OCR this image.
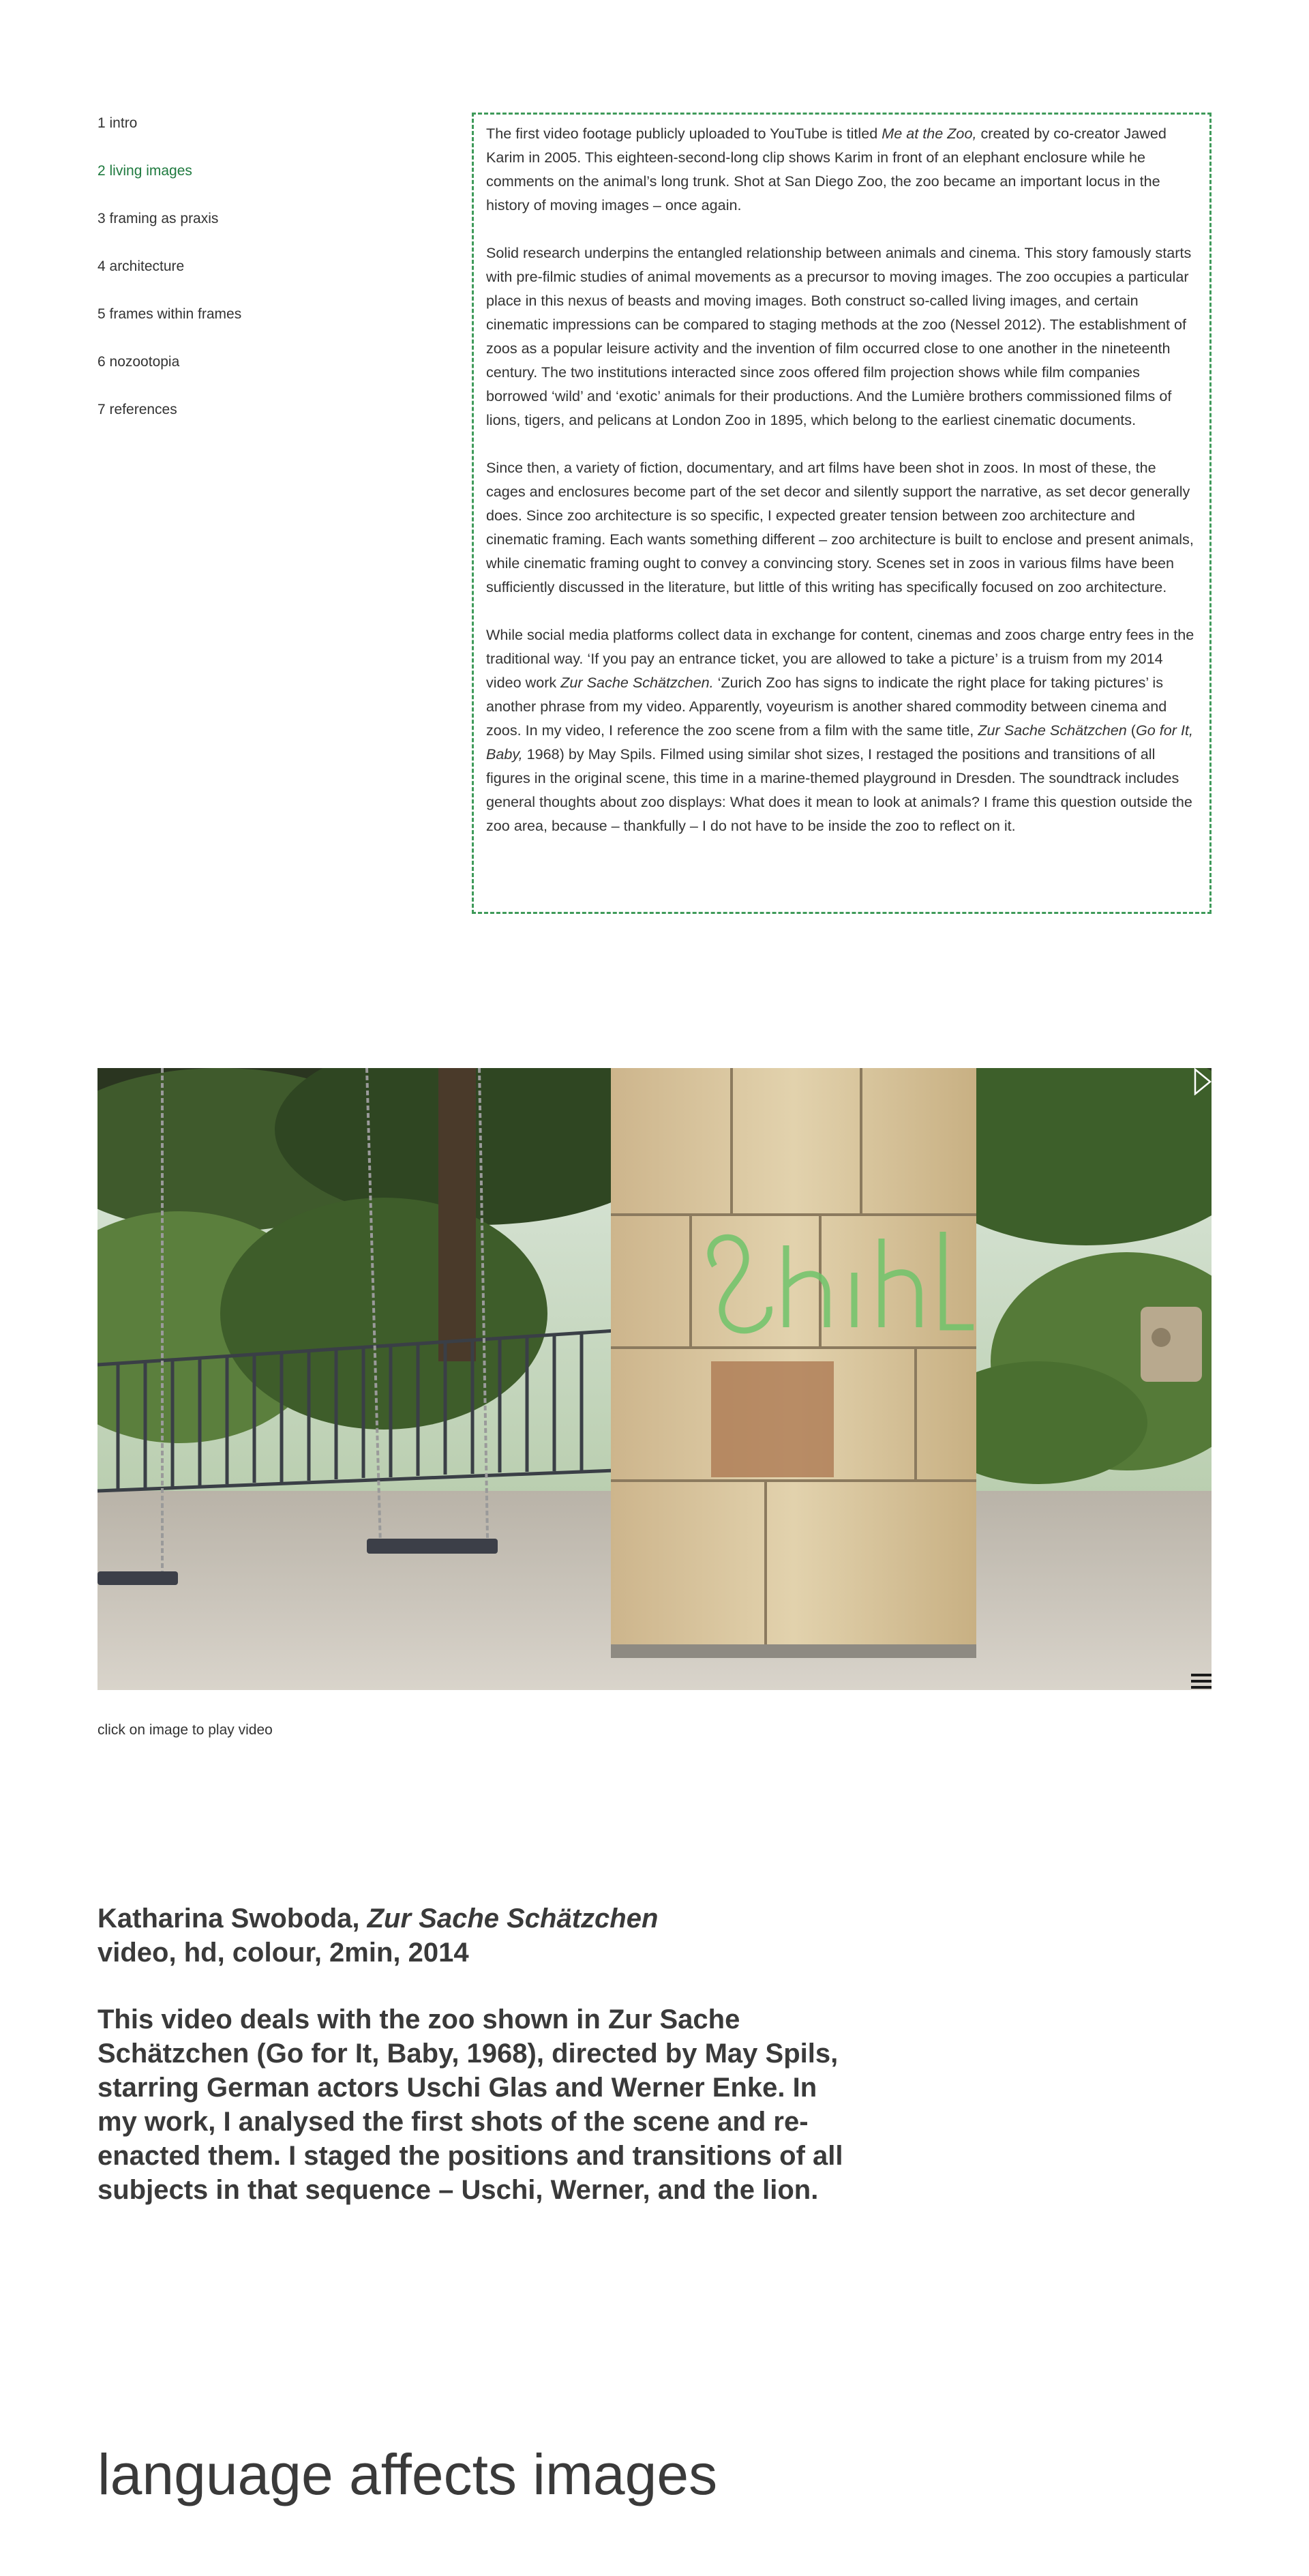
1 intro
2 living images
3 framing as praxis
4 architecture
5 frames within frames
6 nozootopia
7 references

The first video footage publicly uploaded to YouTube is titled Me at the Zoo, created by co-creator Jawed Karim in 2005. This eighteen-second-long clip shows Karim in front of an elephant enclosure while he comments on the animal’s long trunk. Shot at San Diego Zoo, the zoo became an important locus in the history of moving images – once again.

Solid research underpins the entangled relationship between animals and cinema. This story famously starts with pre-filmic studies of animal movements as a precursor to moving images. The zoo occupies a particular place in this nexus of beasts and moving images. Both construct so-called living images, and certain cinematic impressions can be compared to staging methods at the zoo (Nessel 2012). The establishment of zoos as a popular leisure activity and the invention of film occurred close to one another in the nineteenth century. The two institutions interacted since zoos offered film projection shows while film companies borrowed ‘wild’ and ‘exotic’ animals for their productions. And the Lumière brothers commissioned films of lions, tigers, and pelicans at London Zoo in 1895, which belong to the earliest cinematic documents.

Since then, a variety of fiction, documentary, and art films have been shot in zoos. In most of these, the cages and enclosures become part of the set decor and silently support the narrative, as set decor generally does. Since zoo architecture is so specific, I expected greater tension between zoo architecture and cinematic framing. Each wants something different – zoo architecture is built to enclose and present animals, while cinematic framing ought to convey a convincing story. Scenes set in zoos in various films have been sufficiently discussed in the literature, but little of this writing has specifically focused on zoo architecture.

While social media platforms collect data in exchange for content, cinemas and zoos charge entry fees in the traditional way. ‘If you pay an entrance ticket, you are allowed to take a picture’ is a truism from my 2014 video work Zur Sache Schätzchen. ‘Zurich Zoo has signs to indicate the right place for taking pictures’ is another phrase from my video. Apparently, voyeurism is another shared commodity between cinema and zoos. In my video, I reference the zoo scene from a film with the same title, Zur Sache Schätzchen (Go for It, Baby, 1968) by May Spils. Filmed using similar shot sizes, I restaged the positions and transitions of all figures in the original scene, this time in a marine-themed playground in Dresden. The soundtrack includes general thoughts about zoo displays: What does it mean to look at animals? I frame this question outside the zoo area, because – thankfully – I do not have to be inside the zoo to reflect on it.

click on image to play video
Katharina Swoboda, Zur Sache Schätzchen
video, hd, colour, 2min, 2014

This video deals with the zoo shown in Zur Sache Schätzchen (Go for It, Baby, 1968), directed by May Spils, starring German actors Uschi Glas and Werner Enke. In my work, I analysed the first shots of the scene and re-enacted them. I staged the positions and transitions of all subjects in that sequence – Uschi, Werner, and the lion.

language affects images
